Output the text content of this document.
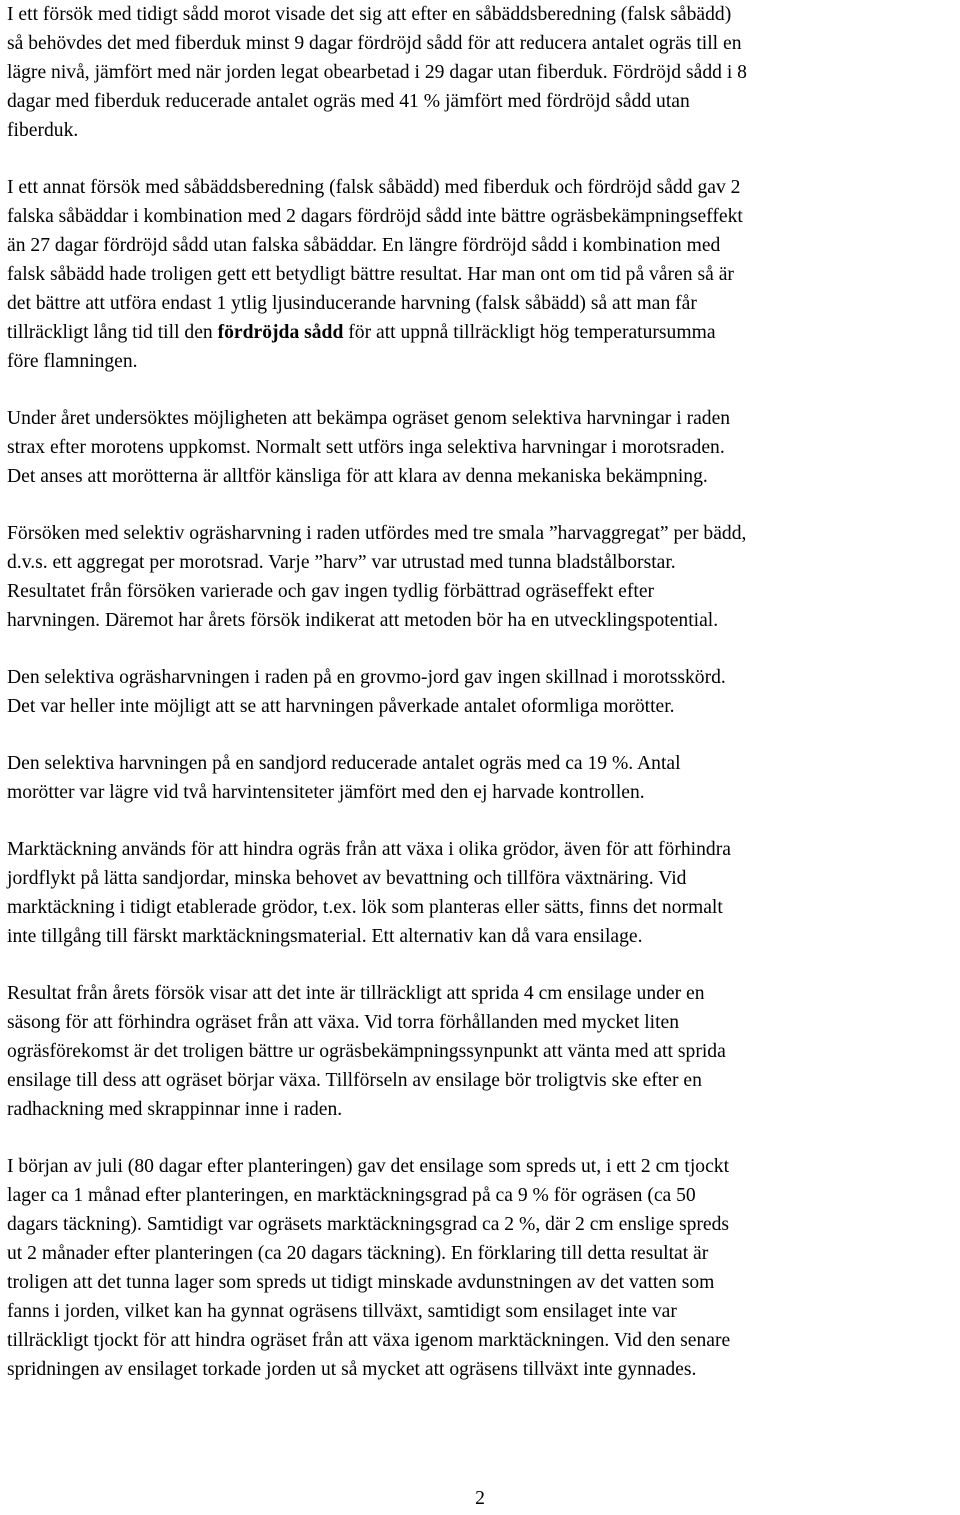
I ett försök med tidigt sådd morot visade det sig att efter en såbäddsberedning (falsk såbädd)
så behövdes det med fiberduk minst 9 dagar fördröjd sådd för att reducera antalet ogräs till en
lägre nivå, jämfört med när jorden legat obearbetad i 29 dagar utan fiberduk. Fördröjd sådd i 8
dagar med fiberduk reducerade antalet ogräs med 41 % jämfört med fördröjd sådd utan
fiberduk.

I ett annat försök med såbäddsberedning (falsk såbädd) med fiberduk och fördröjd sådd gav 2
falska såbäddar i kombination med 2 dagars fördröjd sådd inte bättre ogräsbekämpningseffekt
än 27 dagar fördröjd sådd utan falska såbäddar. En längre fördröjd sådd i kombination med
falsk såbädd hade troligen gett ett betydligt bättre resultat. Har man ont om tid på våren så är
det bättre att utföra endast 1 ytlig ljusinducerande harvning (falsk såbädd) så att man får
tillräckligt lång tid till den fördröjda sådd för att uppnå tillräckligt hög temperatursumma
före flamningen.

Under året undersöktes möjligheten att bekämpa ogräset genom selektiva harvningar i raden
strax efter morotens uppkomst. Normalt sett utförs inga selektiva harvningar i morotsraden.
Det anses att morötterna är alltför känsliga för att klara av denna mekaniska bekämpning.

Försöken med selektiv ogräsharvning i raden utfördes med tre smala ”harvaggregat” per bädd,
d.v.s. ett aggregat per morotsrad. Varje ”harv” var utrustad med tunna bladstålborstar.
Resultatet från försöken varierade och gav ingen tydlig förbättrad ogräseffekt efter
harvningen. Däremot har årets försök indikerat att metoden bör ha en utvecklingspotential.

Den selektiva ogräsharvningen i raden på en grovmo-jord gav ingen skillnad i morotsskörd.
Det var heller inte möjligt att se att harvningen påverkade antalet oformliga morötter.

Den selektiva harvningen på en sandjord reducerade antalet ogräs med ca 19 %. Antal
morötter var lägre vid två harvintensiteter jämfört med den ej harvade kontrollen.

Marktäckning används för att hindra ogräs från att växa i olika grödor, även för att förhindra
jordflykt på lätta sandjordar, minska behovet av bevattning och tillföra växtnäring. Vid
marktäckning i tidigt etablerade grödor, t.ex. lök som planteras eller sätts, finns det normalt
inte tillgång till färskt marktäckningsmaterial. Ett alternativ kan då vara ensilage.

Resultat från årets försök visar att det inte är tillräckligt att sprida 4 cm ensilage under en
säsong för att förhindra ogräset från att växa. Vid torra förhållanden med mycket liten
ogräsförekomst är det troligen bättre ur ogräsbekämpningssynpunkt att vänta med att sprida
ensilage till dess att ogräset börjar växa. Tillförseln av ensilage bör troligtvis ske efter en
radhackning med skrappinnar inne i raden.

I början av juli (80 dagar efter planteringen) gav det ensilage som spreds ut, i ett 2 cm tjockt
lager ca 1 månad efter planteringen, en marktäckningsgrad på ca 9 % för ogräsen (ca 50
dagars täckning). Samtidigt var ogräsets marktäckningsgrad ca 2 %, där 2 cm enslige spreds
ut 2 månader efter planteringen (ca 20 dagars täckning). En förklaring till detta resultat är
troligen att det tunna lager som spreds ut tidigt minskade avdunstningen av det vatten som
fanns i jorden, vilket kan ha gynnat ogräsens tillväxt, samtidigt som ensilaget inte var
tillräckligt tjockt för att hindra ogräset från att växa igenom marktäckningen. Vid den senare
spridningen av ensilaget torkade jorden ut så mycket att ogräsens tillväxt inte gynnades.

2
